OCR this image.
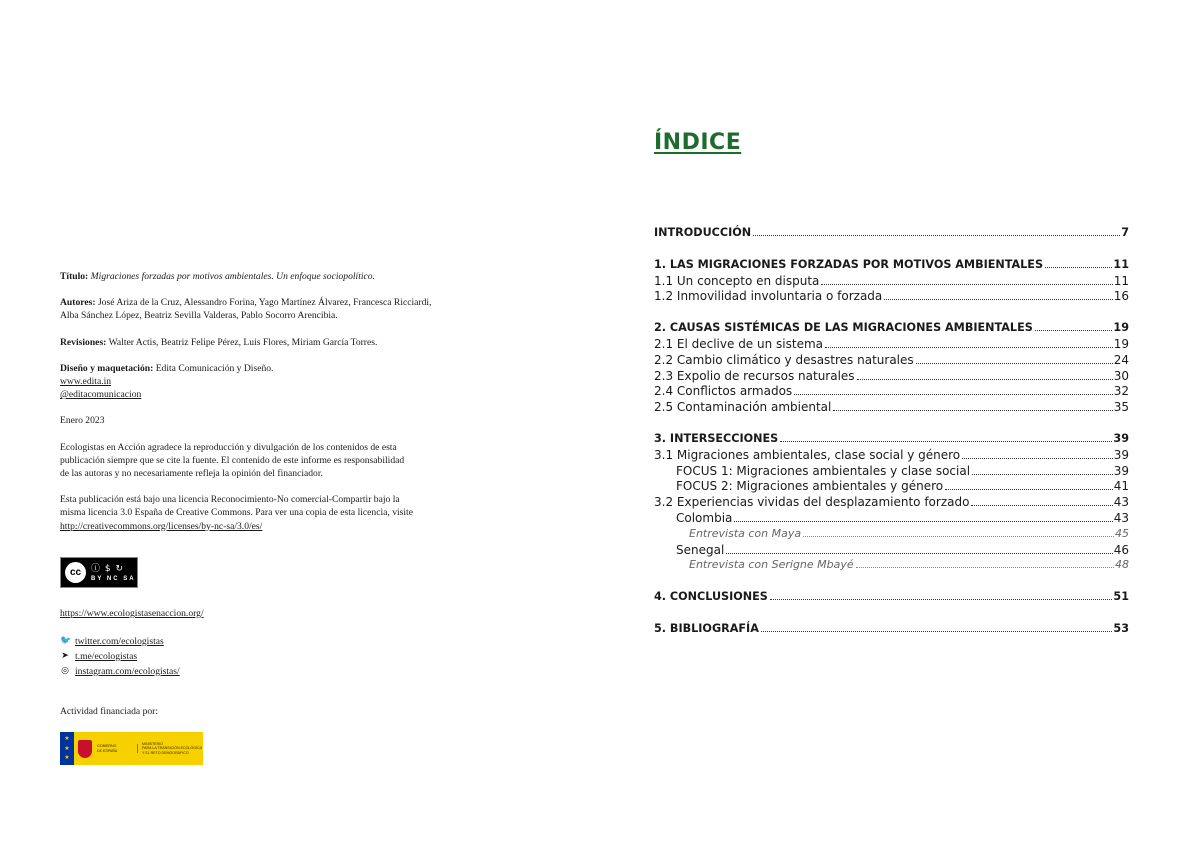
Título: Migraciones forzadas por motivos ambientales. Un enfoque sociopolítico.

Autores: José Ariza de la Cruz, Alessandro Forina, Yago Martínez Álvarez, Francesca Ricciardi,
Alba Sánchez López, Beatriz Sevilla Valderas, Pablo Socorro Arencibia.

Revisiones: Walter Actis, Beatriz Felipe Pérez, Luis Flores, Miriam García Torres.

Diseño y maquetación: Edita Comunicación y Diseño.
www.edita.in
@editacomunicacion

Enero 2023

Ecologistas en Acción agradece la reproducción y divulgación de los contenidos de esta
publicación siempre que se cite la fuente. El contenido de este informe es responsabilidad
de las autoras y no necesariamente refleja la opinión del financiador.

Esta publicación está bajo una licencia Reconocimiento-No comercial-Compartir bajo la
misma licencia 3.0 España de Creative Commons. Para ver una copia de esta licencia, visite
http://creativecommons.org/licenses/by-nc-sa/3.0/es/

cc	ⓘ $ ↻
BY NC SA
https://www.ecologistasenaccion.org/
🐦 twitter.com/ecologistas
➤ t.me/ecologistas
◎ instagram.com/ecologistas/
Actividad financiada por:
★
★
★
GOBIERNO
DE ESPAÑA
MINISTERIO
PARA LA TRANSICIÓN ECOLÓGICA
Y EL RETO DEMOGRÁFICO
ÍNDICE
INTRODUCCIÓN	7
1. LAS MIGRACIONES FORZADAS POR MOTIVOS AMBIENTALES	11
1.1 Un concepto en disputa	11
1.2 Inmovilidad involuntaria o forzada	16
2. CAUSAS SISTÉMICAS DE LAS MIGRACIONES AMBIENTALES	19
2.1 El declive de un sistema	19
2.2 Cambio climático y desastres naturales	24
2.3 Expolio de recursos naturales	30
2.4 Conflictos armados	32
2.5 Contaminación ambiental	35
3. INTERSECCIONES	39
3.1 Migraciones ambientales, clase social y género	39
FOCUS 1: Migraciones ambientales y clase social	39
FOCUS 2: Migraciones ambientales y género	41
3.2 Experiencias vividas del desplazamiento forzado	43
Colombia	43
Entrevista con Maya	45
Senegal	46
Entrevista con Serigne Mbayé	48
4. CONCLUSIONES	51
5. BIBLIOGRAFÍA	53
